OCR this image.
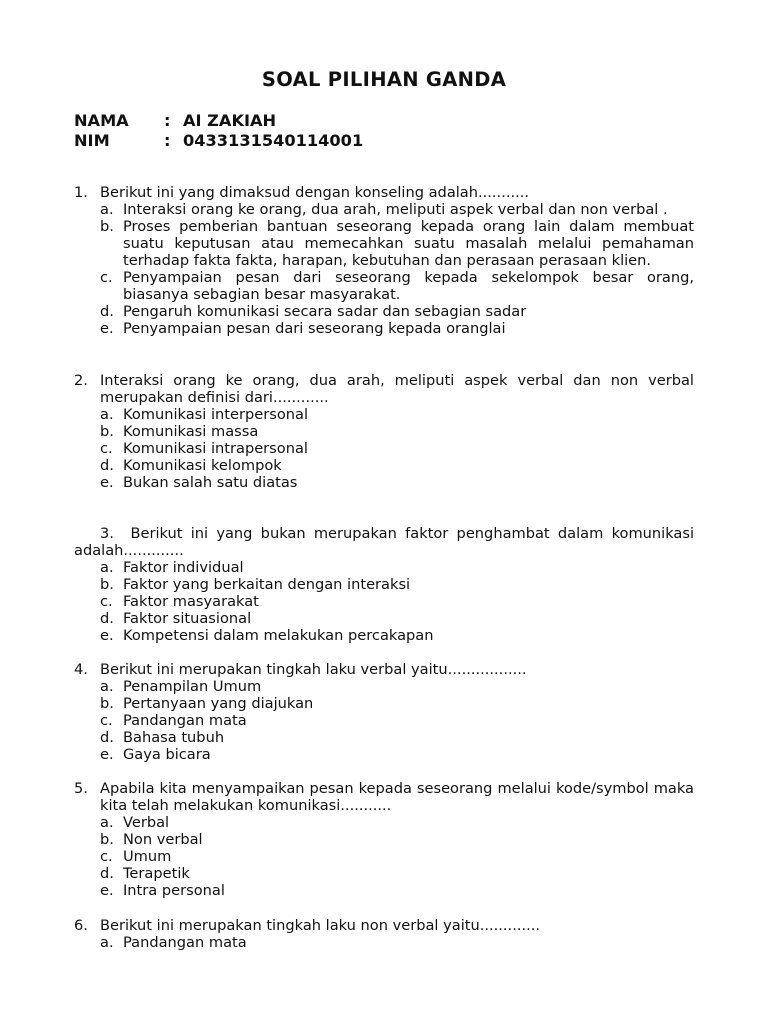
SOAL PILIHAN GANDA
NAMA : AI ZAKIAH
NIM	: 0433131540114001
1. Berikut ini yang dimaksud dengan konseling adalah...........
a. Interaksi orang ke orang, dua arah, meliputi aspek verbal dan non verbal .
b. Proses pemberian bantuan seseorang kepada orang lain dalam membuat suatu keputusan atau memecahkan suatu masalah melalui pemahaman terhadap fakta fakta, harapan, kebutuhan dan perasaan perasaan klien.
c. Penyampaian pesan dari seseorang kepada sekelompok besar orang, biasanya sebagian besar masyarakat.
d. Pengaruh komunikasi secara sadar dan sebagian sadar
e. Penyampaian pesan dari seseorang kepada oranglai
2. Interaksi orang ke orang, dua arah, meliputi aspek verbal dan non verbal merupakan definisi dari............
a. Komunikasi interpersonal
b. Komunikasi massa
c. Komunikasi intrapersonal
d. Komunikasi kelompok
e. Bukan salah satu diatas
3. Berikut ini yang bukan merupakan faktor penghambat dalam komunikasi adalah.............
a. Faktor individual
b. Faktor yang berkaitan dengan interaksi
c. Faktor masyarakat
d. Faktor situasional
e. Kompetensi dalam melakukan percakapan
4. Berikut ini merupakan tingkah laku verbal yaitu.................
a. Penampilan Umum
b. Pertanyaan yang diajukan
c. Pandangan mata
d. Bahasa tubuh
e. Gaya bicara
5. Apabila kita menyampaikan pesan kepada seseorang melalui kode/symbol maka kita telah melakukan komunikasi...........
a. Verbal
b. Non verbal
c. Umum
d. Terapetik
e. Intra personal
6. Berikut ini merupakan tingkah laku non verbal yaitu.............
a. Pandangan mata
